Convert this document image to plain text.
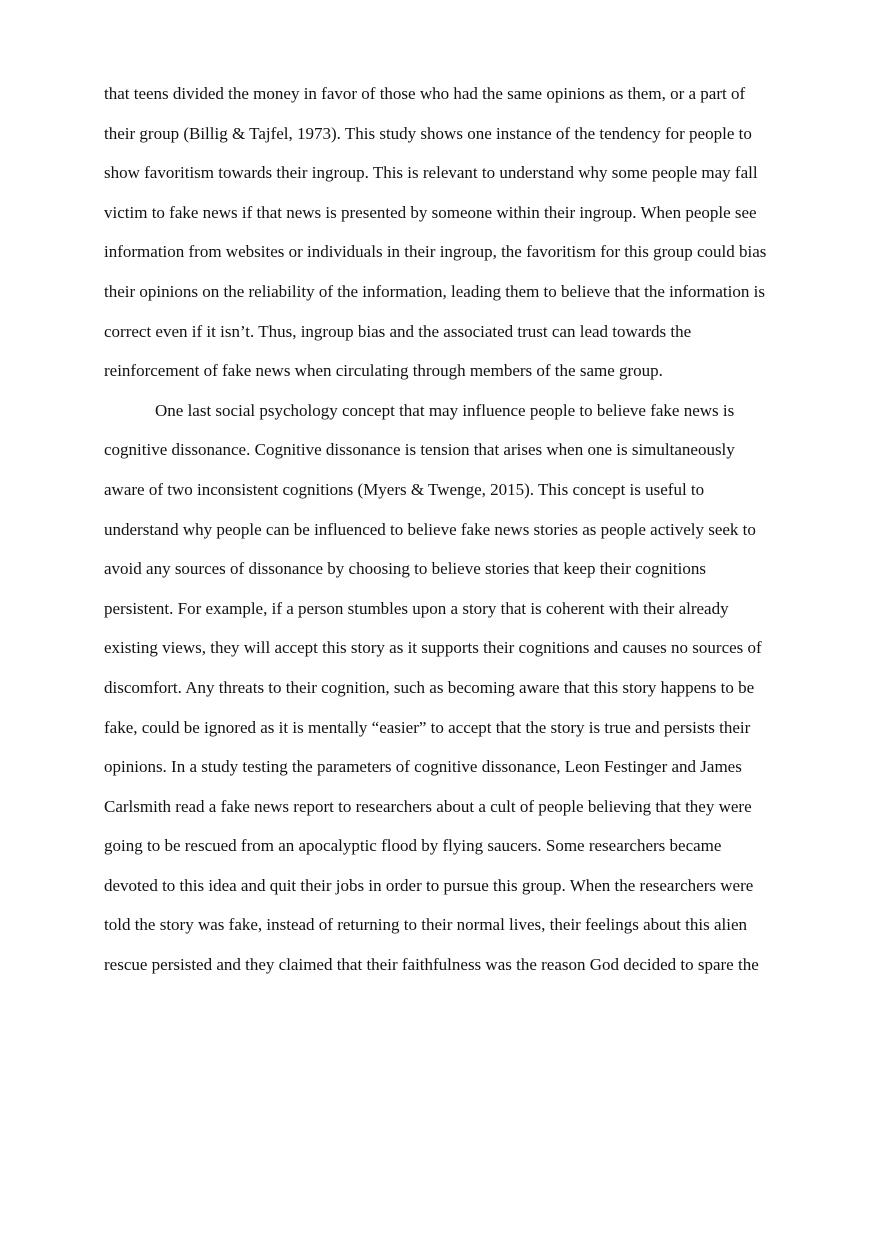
that teens divided the money in favor of those who had the same opinions as them, or a part of
their group (Billig & Tajfel, 1973). This study shows one instance of the tendency for people to
show favoritism towards their ingroup. This is relevant to understand why some people may fall
victim to fake news if that news is presented by someone within their ingroup. When people see
information from websites or individuals in their ingroup, the favoritism for this group could bias
their opinions on the reliability of the information, leading them to believe that the information is
correct even if it isn’t. Thus, ingroup bias and the associated trust can lead towards the
reinforcement of fake news when circulating through members of the same group.
One last social psychology concept that may influence people to believe fake news is
cognitive dissonance. Cognitive dissonance is tension that arises when one is simultaneously
aware of two inconsistent cognitions (Myers & Twenge, 2015). This concept is useful to
understand why people can be influenced to believe fake news stories as people actively seek to
avoid any sources of dissonance by choosing to believe stories that keep their cognitions
persistent. For example, if a person stumbles upon a story that is coherent with their already
existing views, they will accept this story as it supports their cognitions and causes no sources of
discomfort. Any threats to their cognition, such as becoming aware that this story happens to be
fake, could be ignored as it is mentally “easier” to accept that the story is true and persists their
opinions. In a study testing the parameters of cognitive dissonance, Leon Festinger and James
Carlsmith read a fake news report to researchers about a cult of people believing that they were
going to be rescued from an apocalyptic flood by flying saucers. Some researchers became
devoted to this idea and quit their jobs in order to pursue this group. When the researchers were
told the story was fake, instead of returning to their normal lives, their feelings about this alien
rescue persisted and they claimed that their faithfulness was the reason God decided to spare the
